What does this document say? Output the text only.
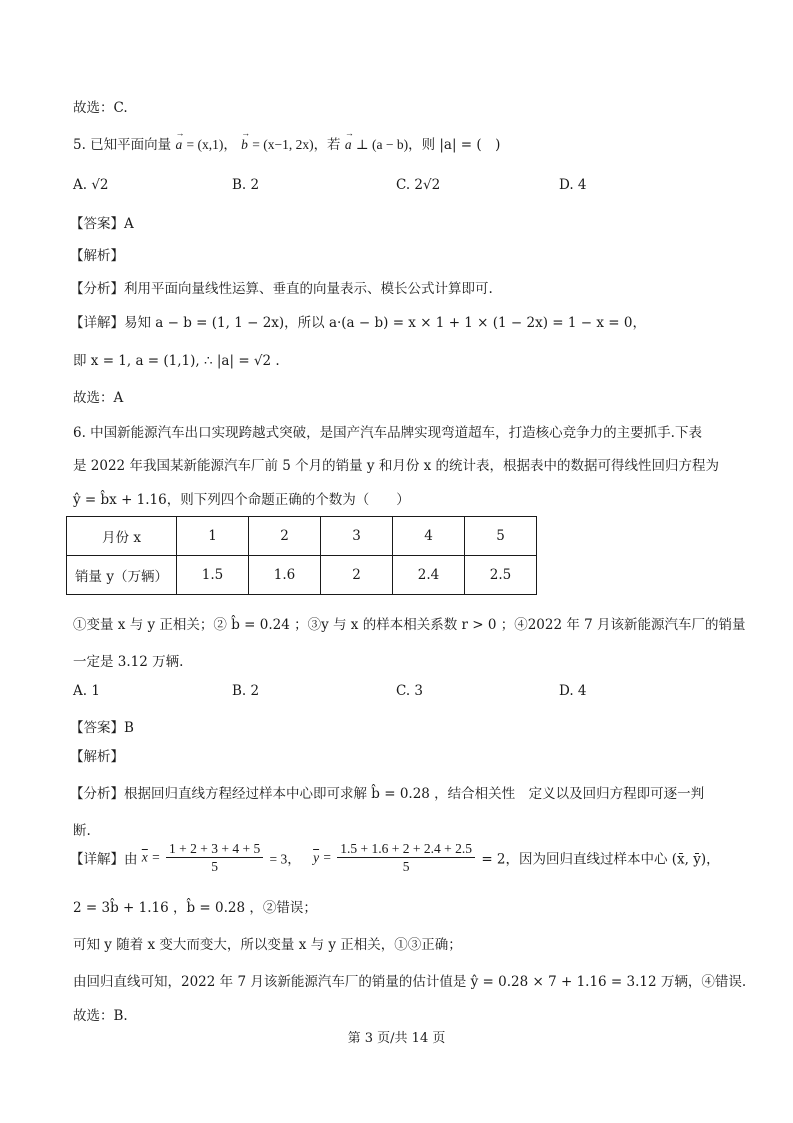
故选：C.
5. 已知平面向量 → a = (x,1)， → b = (x−1, 2x)，若 → a ⊥ (a − b)，则 |a| = (　)
A. √2	B. 2	C. 2√2	D. 4
【答案】A
【解析】
【分析】利用平面向量线性运算、垂直的向量表示、模长公式计算即可.
【详解】易知 a − b = (1, 1 − 2x)，所以 a·(a − b) = x × 1 + 1 × (1 − 2x) = 1 − x = 0，
即 x = 1, a = (1,1), ∴ |a| = √2 .
故选：A
6. 中国新能源汽车出口实现跨越式突破，是国产汽车品牌实现弯道超车，打造核心竞争力的主要抓手.下表
是 2022 年我国某新能源汽车厂前 5 个月的销量 y 和月份 x 的统计表，根据表中的数据可得线性回归方程为
ŷ = b̂x + 1.16，则下列四个命题正确的个数为（　　）
月份 x	1	2	3	4	5
销量 y（万辆）	1.5	1.6	2	2.4	2.5
①变量 x 与 y 正相关；② b̂ = 0.24 ；③y 与 x 的样本相关系数 r > 0 ；④2022 年 7 月该新能源汽车厂的销量
一定是 3.12 万辆.
A. 1	B. 2	C. 3	D. 4
【答案】B
【解析】
【分析】根据回归直线方程经过样本中心即可求解 b̂ = 0.28 ，结合相关性　定义以及回归方程即可逐一判
断.
【详解】由 $\overline{x} = \frac{1 + 2 + 3 + 4 + 5}{5} = 3$， $\overline{y} = \frac{1.5 + 1.6 + 2 + 2.4 + 2.5}{5} = 2$，因为回归直线过样本中心 (x̄, ȳ)，
2 = 3b̂ + 1.16 ，b̂ = 0.28 ，②错误；
可知 y 随着 x 变大而变大，所以变量 x 与 y 正相关，①③正确；
由回归直线可知，2022 年 7 月该新能源汽车厂的销量的估计值是 ŷ = 0.28 × 7 + 1.16 = 3.12 万辆，④错误.
故选：B.
第 3 页/共 14 页
